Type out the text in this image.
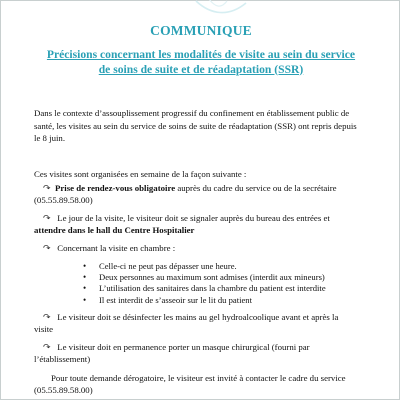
COMMUNIQUE
Précisions concernant les modalités de visite au sein du service
de soins de suite et de réadaptation (SSR)

Dans le contexte d’assouplissement progressif du confinement en établissement public de
santé, les visites au sein du service de soins de suite de réadaptation (SSR) ont repris depuis
le 8 juin.

Ces visites sont organisées en semaine de la façon suivante :

↷ Prise de rendez-vous obligatoire auprès du cadre du service ou de la secrétaire

(05.55.89.58.00)

↷ Le jour de la visite, le visiteur doit se signaler auprès du bureau des entrées et

attendre dans le hall du Centre Hospitalier

↷ Concernant la visite en chambre :

• Celle-ci ne peut pas dépasser une heure.
• Deux personnes au maximum sont admises (interdit aux mineurs)
• L’utilisation des sanitaires dans la chambre du patient est interdite
• Il est interdit de s’asseoir sur le lit du patient

↷ Le visiteur doit se désinfecter les mains au gel hydroalcoolique avant et après la

visite

↷ Le visiteur doit en permanence porter un masque chirurgical (fourni par

l’établissement)

Pour toute demande dérogatoire, le visiteur est invité à contacter le cadre du service

(05.55.89.58.00)
